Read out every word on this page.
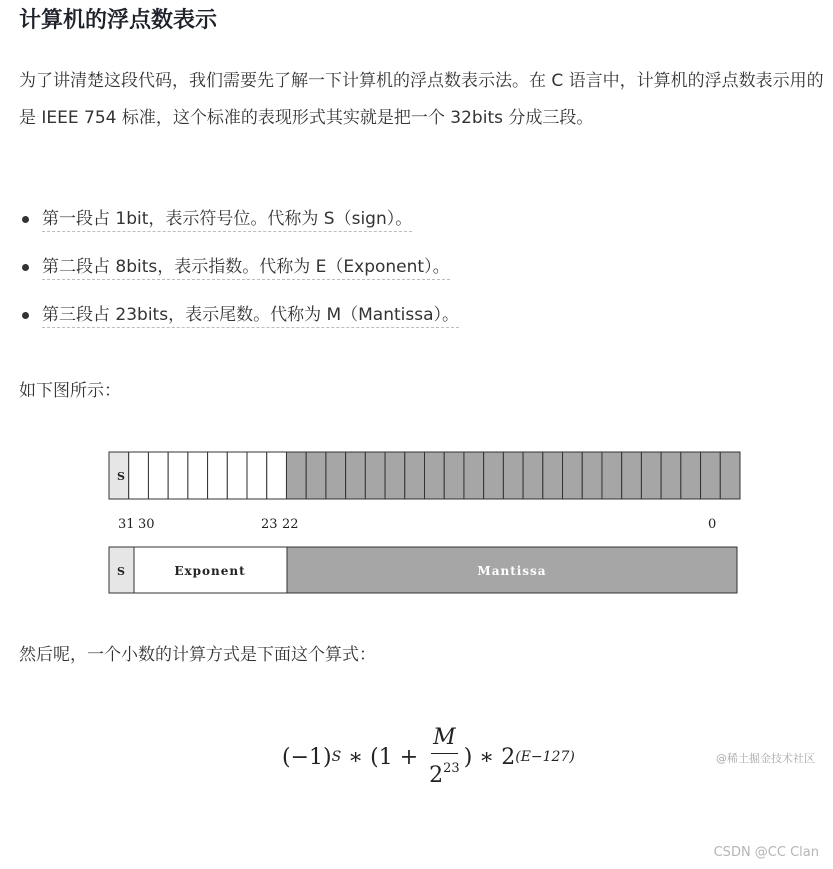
计算机的浮点数表示

为了讲清楚这段代码，我们需要先了解一下计算机的浮点数表示法。在 C 语言中，计算机的浮点数表示用的是 IEEE 754 标准，这个标准的表现形式其实就是把一个 32bits 分成三段。

第一段占 1bit，表示符号位。代称为 S（sign）。
第二段占 8bits，表示指数。代称为 E（Exponent）。
第三段占 23bits，表示尾数。代称为 M（Mantissa）。

如下图所示：

S
31 30	23 22	0
S	Exponent	Mantissa

然后呢，一个小数的计算方式是下面这个算式：

(−1) S ∗ ($1 + \frac{M}{2^{23}}$ ) ∗ 2 (E−127)	@稀土掘金技术社区

CSDN @CC Clan
